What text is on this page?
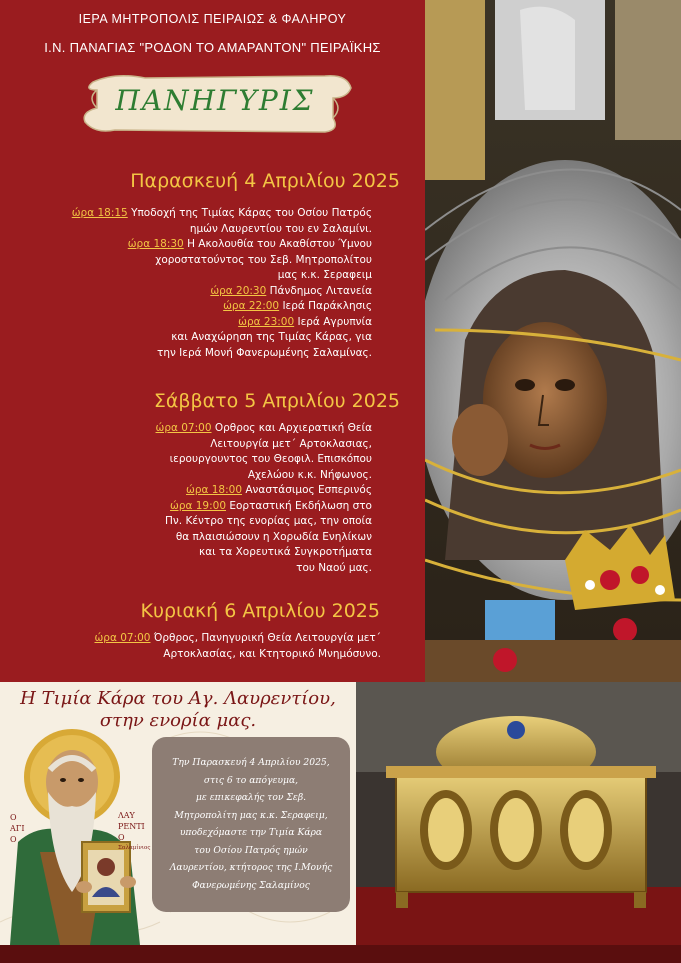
ΙΕΡΑ ΜΗΤΡΟΠΟΛΙΣ ΠΕΙΡΑΙΩΣ & ΦΑΛΗΡΟΥ
Ι.Ν. ΠΑΝΑΓΙΑΣ "ΡΟΔΟΝ ΤΟ ΑΜΑΡΑΝΤΟΝ" ΠΕΙΡΑΪΚΗΣ
ΠΑΝΗΓΥΡΙΣ
Παρασκευή 4 Απριλίου 2025
ώρα 18:15 Υποδοχή της Τιμίας Κάρας του Οσίου Πατρός
ημών Λαυρεντίου του εν Σαλαμίνι.
ώρα 18:30 Η Ακολουθία του Ακαθίστου Ύμνου
χοροστατούντος του Σεβ. Μητροπολίτου
μας κ.κ. Σεραφειμ
ώρα 20:30 Πάνδημος Λιτανεία
ώρα 22:00 Ιερά Παράκλησις
ώρα 23:00 Ιερά Αγρυπνία
και Αναχώρηση της Τιμίας Κάρας, για
την Ιερά Μονή Φανερωμένης Σαλαμίνας.
Σάββατο 5 Απριλίου 2025
ώρα 07:00 Ορθρος και Αρχιερατική Θεία
Λειτουργία μετ΄ Αρτοκλασιας,
ιερουργουντος του Θεοφιλ. Επισκόπου
Αχελώου κ.κ. Νήφωνος.
ώρα 18:00 Αναστάσιμος Εσπερινός
ώρα 19:00 Εορταστική Εκδήλωση στο
Πν. Κέντρο της ενορίας μας, την οποία
θα πλαισιώσουν η Χορωδία Ενηλίκων
και τα Χορευτικά Συγκροτήματα
του Ναού μας.
Κυριακή 6 Απριλίου 2025
ώρα 07:00 Όρθρος, Πανηγυρική Θεία Λειτουργία μετ΄
Αρτοκλασίας, και Κτητορικό Μνημόσυνο.
Η Τιμία Κάρα του Αγ. Λαυρεντίου,
στην ενορία μας.
Ο
ΑΓΙ
Ο
ΛΑΥ
ΡΕΝΤΙ
Ο
Σαλαμίνιος
Την Παρασκευή 4 Απριλίου 2025,
στις 6 το απόγευμα,
με επικεφαλής τον Σεβ.
Μητροπολίτη μας κ.κ. Σεραφειμ,
υποδεχόμαστε την Τιμία Κάρα
του Οσίου Πατρός ημών
Λαυρεντίου, κτήτορος της Ι.Μονής
Φανερωμένης Σαλαμίνος
